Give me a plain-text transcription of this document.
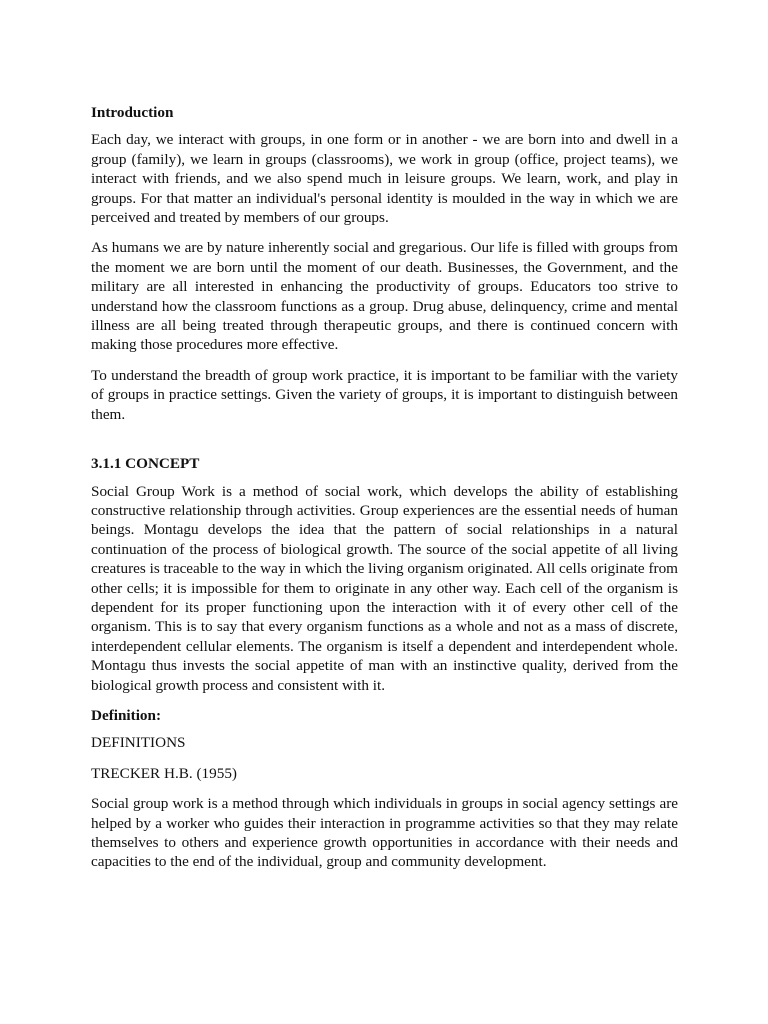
Introduction

Each day, we interact with groups, in one form or in another - we are born into and dwell in a group (family), we learn in groups (classrooms), we work in group (office, project teams), we interact with friends, and we also spend much in leisure groups. We learn, work, and play in groups. For that matter an individual's personal identity is moulded in the way in which we are perceived and treated by members of our groups.

As humans we are by nature inherently social and gregarious. Our life is filled with groups from the moment we are born until the moment of our death. Businesses, the Government, and the military are all interested in enhancing the productivity of groups. Educators too strive to understand how the classroom functions as a group. Drug abuse, delinquency, crime and mental illness are all being treated through therapeutic groups, and there is continued concern with making those procedures more effective.

To understand the breadth of group work practice, it is important to be familiar with the variety of groups in practice settings. Given the variety of groups, it is important to distinguish between them.

3.1.1 CONCEPT

Social Group Work is a method of social work, which develops the ability of establishing constructive relationship through activities. Group experiences are the essential needs of human beings. Montagu develops the idea that the pattern of social relationships in a natural continuation of the process of biological growth. The source of the social appetite of all living creatures is traceable to the way in which the living organism originated. All cells originate from other cells; it is impossible for them to originate in any other way. Each cell of the organism is dependent for its proper functioning upon the interaction with it of every other cell of the organism. This is to say that every organism functions as a whole and not as a mass of discrete, interdependent cellular elements. The organism is itself a dependent and interdependent whole. Montagu thus invests the social appetite of man with an instinctive quality, derived from the biological growth process and consistent with it.

Definition:

DEFINITIONS

TRECKER H.B. (1955)

Social group work is a method through which individuals in groups in social agency settings are helped by a worker who guides their interaction in programme activities so that they may relate themselves to others and experience growth opportunities in accordance with their needs and capacities to the end of the individual, group and community development.
